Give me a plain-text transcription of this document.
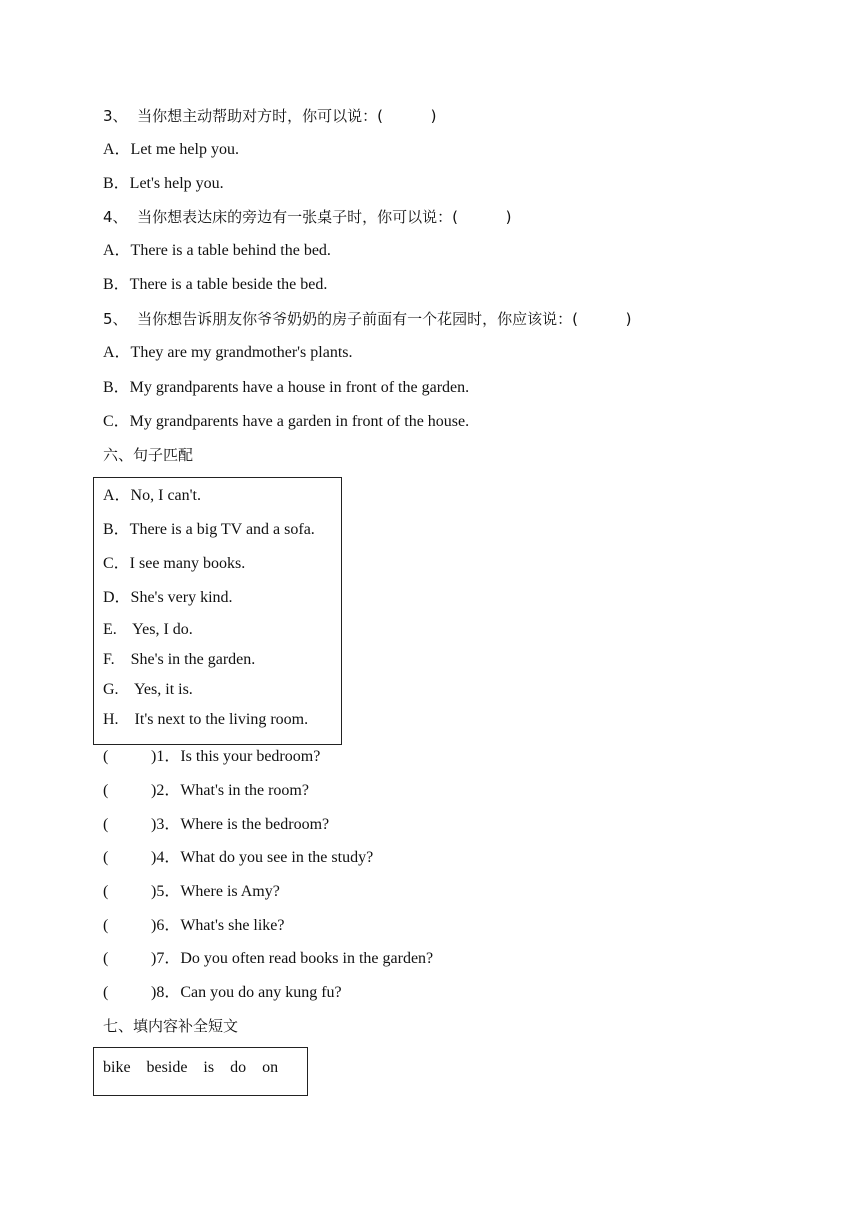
3、  当你想主动帮助对方时，你可以说：(          )
A．Let me help you.
B．Let's help you.
4、  当你想表达床的旁边有一张桌子时，你可以说：(          )
A．There is a table behind the bed.
B．There is a table beside the bed.
5、  当你想告诉朋友你爷爷奶奶的房子前面有一个花园时，你应该说：(          )
A．They are my grandmother's plants.
B．My grandparents have a house in front of the garden.
C．My grandparents have a garden in front of the house.
六、句子匹配
A．No, I can't.
B．There is a big TV and a sofa.
C．I see many books.
D．She's very kind.
E.    Yes, I do.
F.    She's in the garden.
G.    Yes, it is.
H.    It's next to the living room.
(	)1．Is this your bedroom?
(	)2．What's in the room?
(	)3．Where is the bedroom?
(	)4．What do you see in the study?
(	)5．Where is Amy?
(	)6．What's she like?
(	)7．Do you often read books in the garden?
(	)8．Can you do any kung fu?
七、填内容补全短文
bike    beside    is    do    on
